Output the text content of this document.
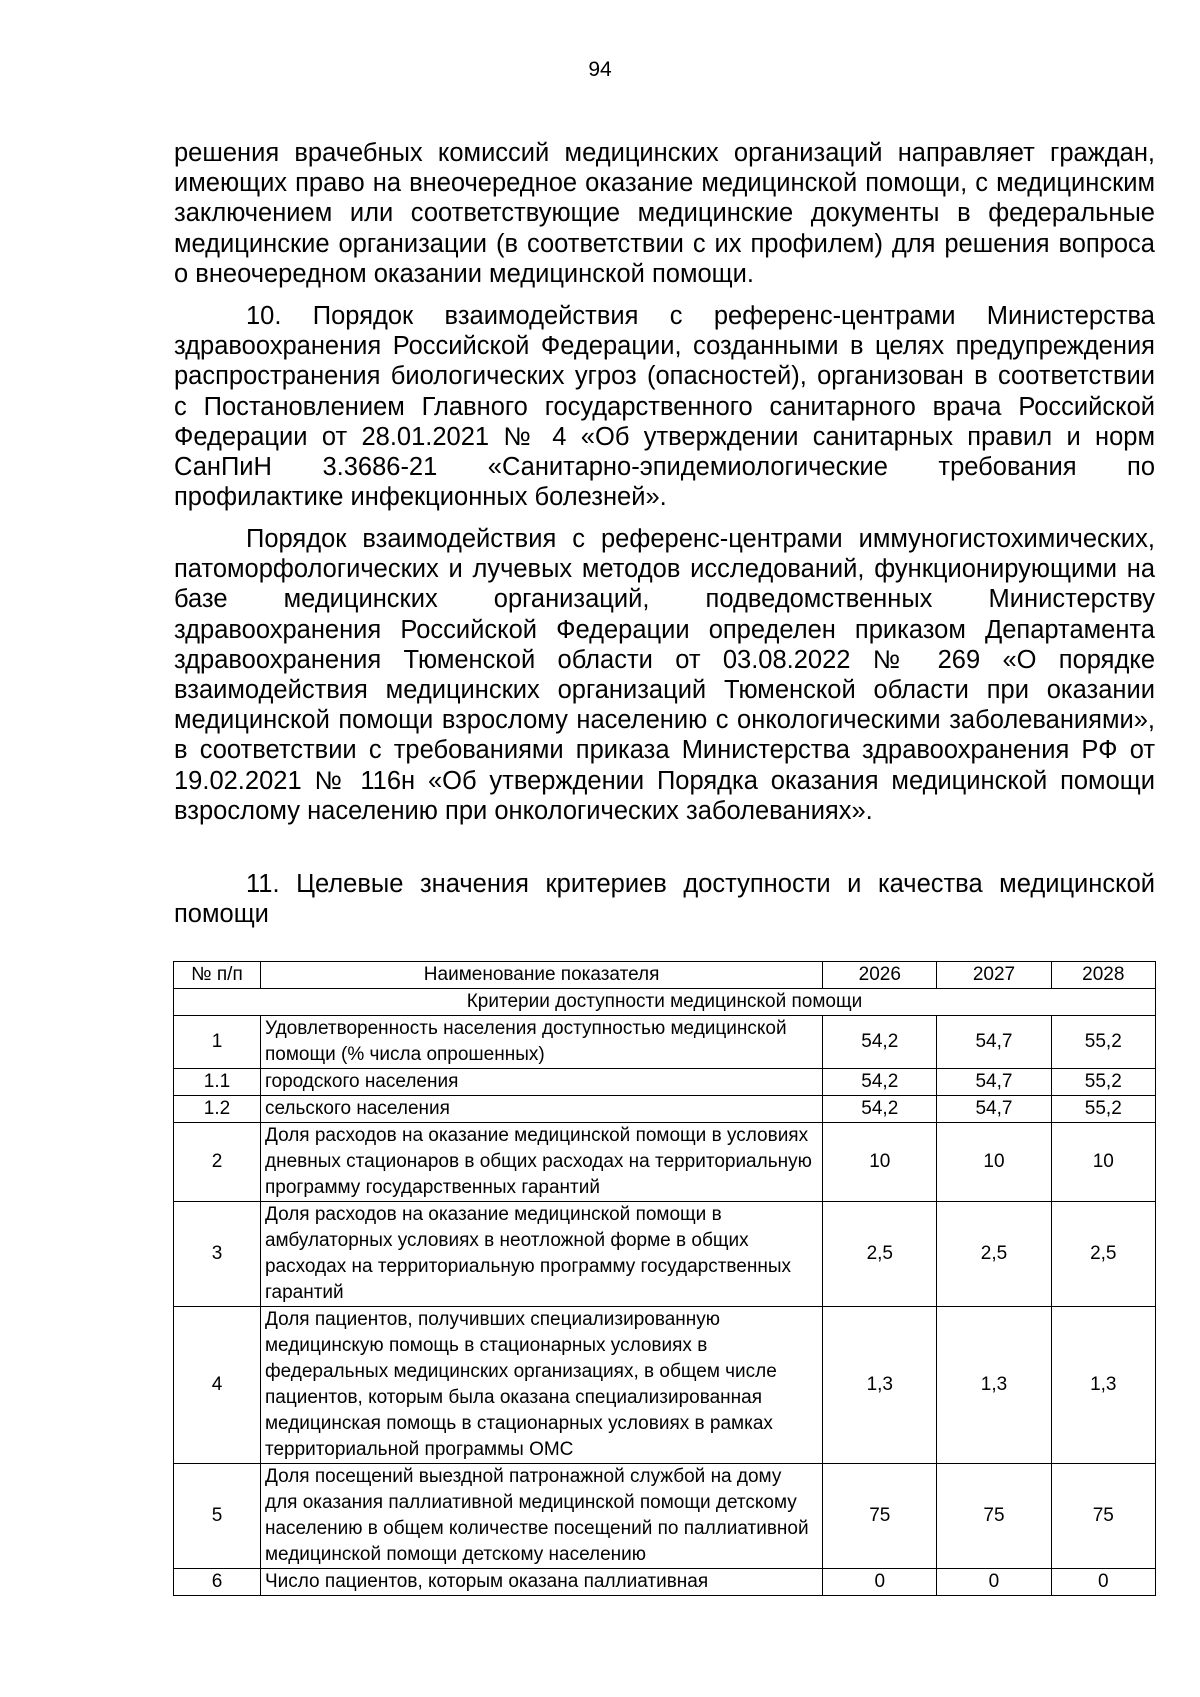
94

решения врачебных комиссий медицинских организаций направляет граждан, имеющих право на внеочередное оказание медицинской помощи, с медицинским заключением или соответствующие медицинские документы в федеральные медицинские организации (в соответствии с их профилем) для решения вопроса о внеочередном оказании медицинской помощи.

10. Порядок взаимодействия с референс-центрами Министерства здравоохранения Российской Федерации, созданными в целях предупреждения распространения биологических угроз (опасностей), организован в соответствии с Постановлением Главного государственного санитарного врача Российской Федерации от 28.01.2021 № 4 «Об утверждении санитарных правил и норм СанПиН 3.3686-21 «Санитарно-эпидемиологические требования по профилактике инфекционных болезней».

Порядок взаимодействия с референс-центрами иммуногистохимических, патоморфологических и лучевых методов исследований, функционирующими на базе медицинских организаций, подведомственных Министерству здравоохранения Российской Федерации определен приказом Департамента здравоохранения Тюменской области от 03.08.2022 № 269 «О порядке взаимодействия медицинских организаций Тюменской области при оказании медицинской помощи взрослому населению с онкологическими заболеваниями», в соответствии с требованиями приказа Министерства здравоохранения РФ от 19.02.2021 № 116н «Об утверждении Порядка оказания медицинской помощи взрослому населению при онкологических заболеваниях».

11. Целевые значения критериев доступности и качества медицинской помощи

№ п/п	Наименование показателя	2026	2027	2028
Критерии доступности медицинской помощи				
1	Удовлетворенность населения доступностью медицинской помощи (% числа опрошенных)	54,2	54,7	55,2
1.1	городского населения	54,2	54,7	55,2
1.2	сельского населения	54,2	54,7	55,2
2	Доля расходов на оказание медицинской помощи в условиях дневных стационаров в общих расходах на территориальную программу государственных гарантий	10	10	10
3	Доля расходов на оказание медицинской помощи в амбулаторных условиях в неотложной форме в общих расходах на территориальную программу государственных гарантий	2,5	2,5	2,5
4	Доля пациентов, получивших специализированную медицинскую помощь в стационарных условиях в федеральных медицинских организациях, в общем числе пациентов, которым была оказана специализированная медицинская помощь в стационарных условиях в рамках территориальной программы ОМС	1,3	1,3	1,3
5	Доля посещений выездной патронажной службой на дому для оказания паллиативной медицинской помощи детскому населению в общем количестве посещений по паллиативной медицинской помощи детскому населению	75	75	75
6	Число пациентов, которым оказана паллиативная	0	0	0
